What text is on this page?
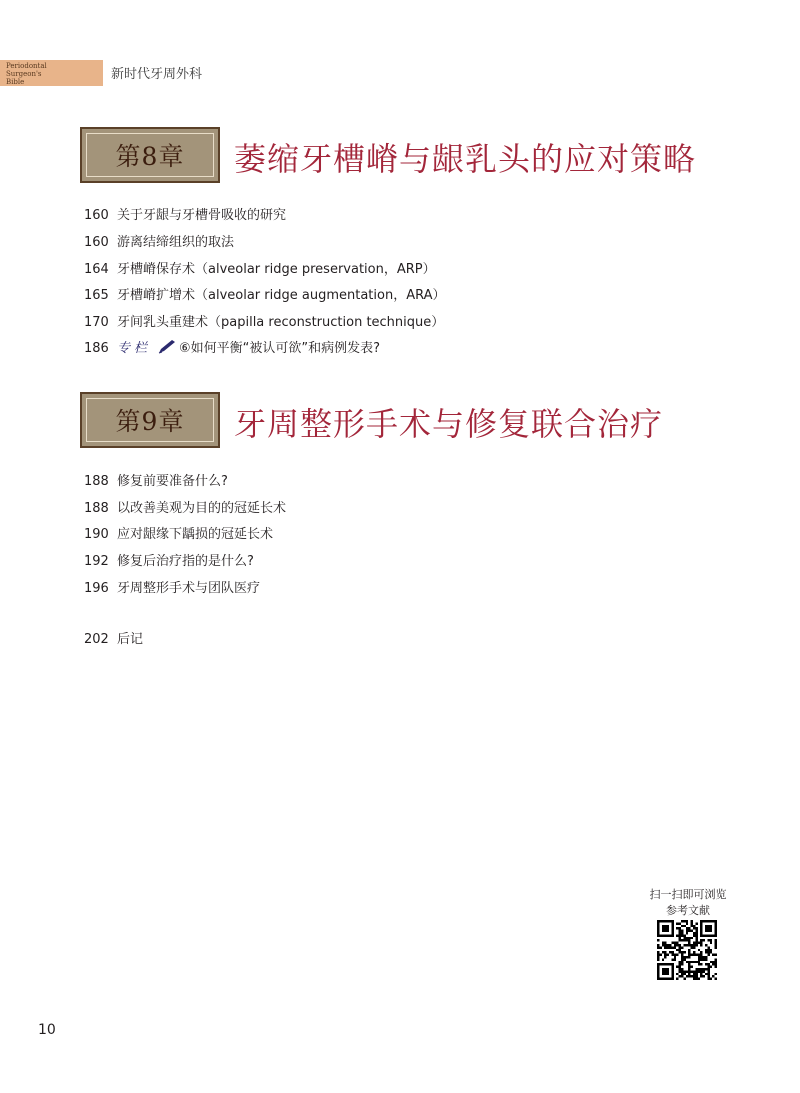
Periodontal
Surgeon's
Bible	新时代牙周外科
第8章	萎缩牙槽嵴与龈乳头的应对策略
160 关于牙龈与牙槽骨吸收的研究
160 游离结缔组织的取法
164 牙槽嵴保存术（alveolar ridge preservation，ARP）
165 牙槽嵴扩增术（alveolar ridge augmentation，ARA）
170 牙间乳头重建术（papilla reconstruction technique）
186 专栏 ⑥如何平衡“被认可欲”和病例发表?
第9章	牙周整形手术与修复联合治疗
188 修复前要准备什么?
188 以改善美观为目的的冠延长术
190 应对龈缘下龋损的冠延长术
192 修复后治疗指的是什么?
196 牙周整形手术与团队医疗
202 后记
扫一扫即可浏览
参考文献
10
